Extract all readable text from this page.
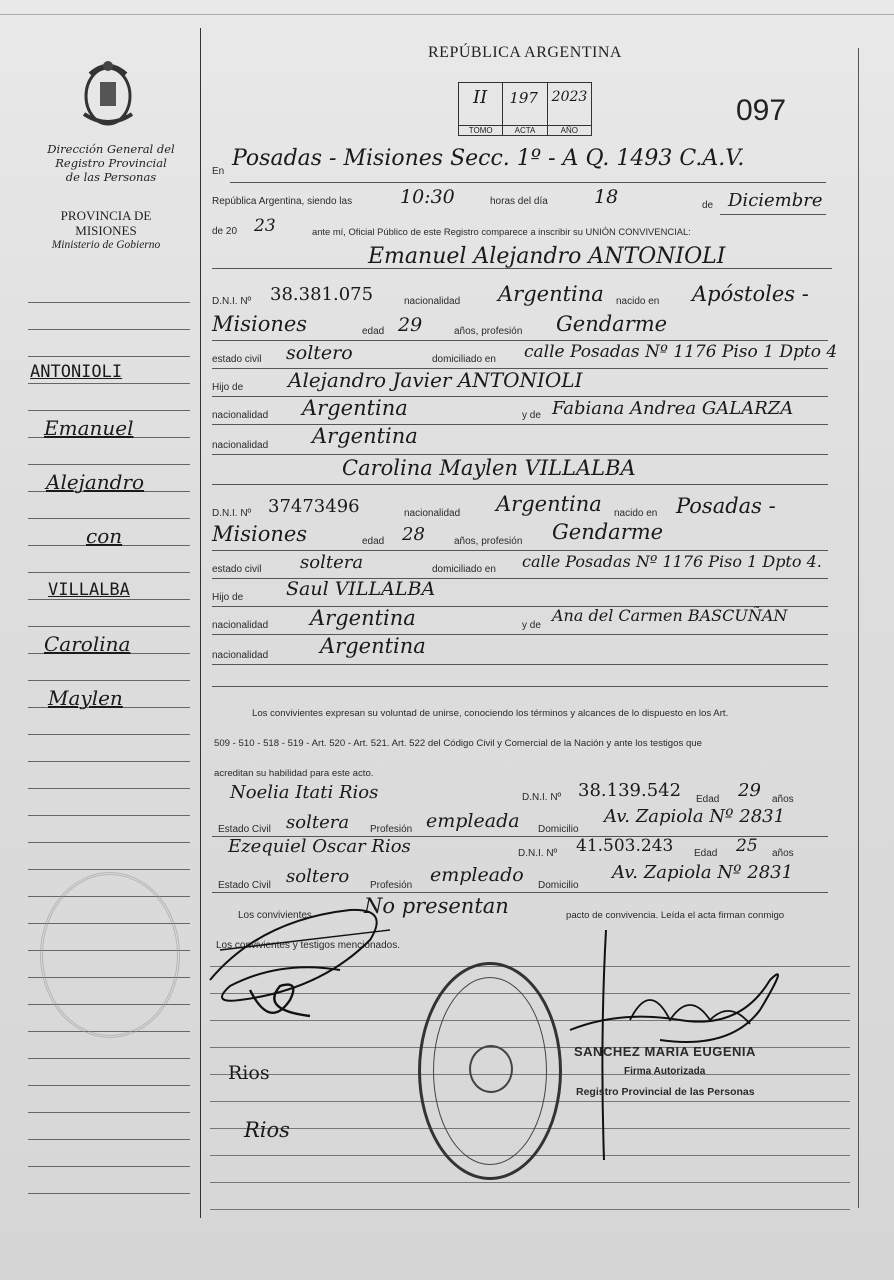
Dirección General del
Registro Provincial
de las Personas
PROVINCIA DE
MISIONES
Ministerio de Gobierno
ANTONIOLI
Emanuel
Alejandro
con
VILLALBA
Carolina
Maylen
REPÚBLICA ARGENTINA
II
TOMO
197
ACTA
2023
AÑO
097
En
Posadas - Misiones Secc. 1º - A Q. 1493 C.A.V.
República Argentina, siendo las	10:30	horas del día 18	de Diciembre
de 20 23	ante mí, Oficial Público de este Registro comparece a inscribir su UNIÓN CONVIVENCIAL:
Emanuel Alejandro ANTONIOLI
D.N.I. Nº 38.381.075	nacionalidad Argentina nacido en Apóstoles -
Misiones	edad 29	años, profesión Gendarme
estado civil soltero	domiciliado en calle Posadas Nº 1176 Piso 1 Dpto 4
Hijo de Alejandro Javier ANTONIOLI
nacionalidad Argentina	y de Fabiana Andrea GALARZA
nacionalidad Argentina
Carolina Maylen VILLALBA
D.N.I. Nº 37473496	nacionalidad Argentina nacido en Posadas -
Misiones	edad 28	años, profesión Gendarme
estado civil soltera	domiciliado en calle Posadas Nº 1176 Piso 1 Dpto 4.
Hijo de Saul VILLALBA
nacionalidad Argentina	y de
Ana del Carmen BASCUÑAN
nacionalidad Argentina
Los convivientes expresan su voluntad de unirse, conociendo los términos y alcances de lo dispuesto en los Art.
509 - 510 - 518 - 519 - Art. 520 - Art. 521. Art. 522 del Código Civil y Comercial de la Nación y ante los testigos que
acreditan su habilidad para este acto.
Noelia Itati Rios	D.N.I. Nº 38.139.542 Edad 29 años
Estado Civil soltera Profesión empleada Domicilio
Av. Zapiola Nº 2831
Ezequiel Oscar Rios	D.N.I. Nº 41.503.243 Edad 25 años
Estado Civil soltero Profesión empleado Domicilio
Av. Zapiola Nº 2831
Los convivientes No presentan	pacto de convivencia. Leída el acta firman conmigo
Los convivientes y testigos mencionados.
Rios
Rios
SANCHEZ MARIA EUGENIA
Firma Autorizada
Registro Provincial de las Personas
